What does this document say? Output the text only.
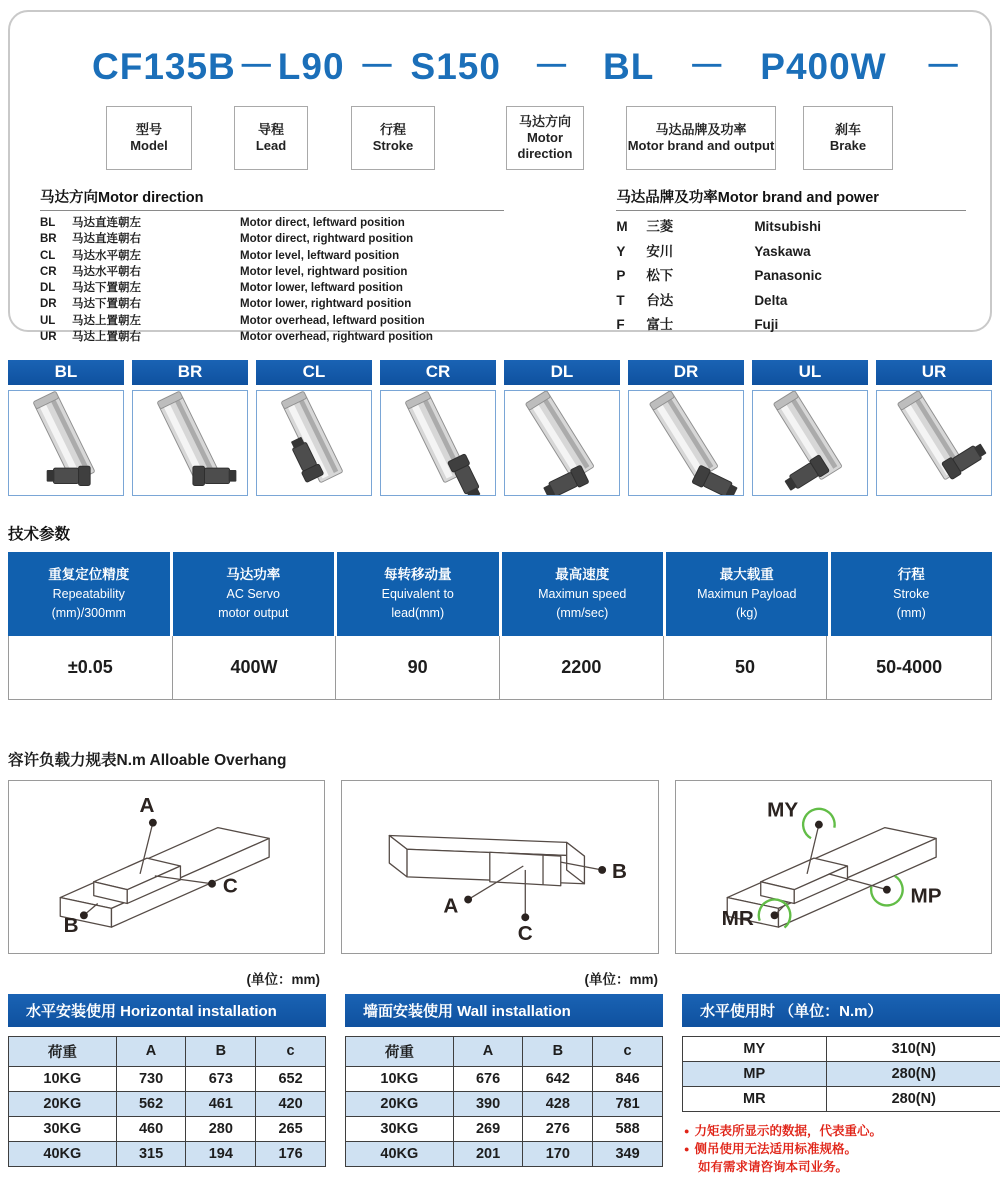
CF135B － L90 － S150 － BL － P400W －
型号
Model
导程
Lead
行程
Stroke
马达方向
Motor direction
马达品牌及功率
Motor brand and output
刹车
Brake
马达方向Motor direction
BL	马达直连朝左	Motor direct, leftward position
BR	马达直连朝右	Motor direct, rightward position
CL	马达水平朝左	Motor level, leftward position
CR	马达水平朝右	Motor level, rightward position
DL	马达下置朝左	Motor lower, leftward position
DR	马达下置朝右	Motor lower, rightward position
UL	马达上置朝左	Motor overhead, leftward position
UR	马达上置朝右	Motor overhead, rightward position
马达品牌及功率Motor brand and power
M	三菱	Mitsubishi
Y	安川	Yaskawa
P	松下	Panasonic
T	台达	Delta
F	富士	Fuji
BL	BR	CL	CR	DL	DR	UL	UR
技术参数
重复定位精度
Repeatability
(mm)/300mm
马达功率
AC Servo
motor output
每转移动量
Equivalent to
lead(mm)
最高速度
Maximun speed
(mm/sec)
最大载重
Maximun Payload
(kg)
行程
Stroke
(mm)
±0.05	400W	90	2200	50	50-4000
容许负载力规表N.m Alloable Overhang
A
C
B
B
A
C
MY
MP
MR
(单位：mm)	(单位：mm)
水平安装使用 Horizontal installation
荷重	A	B	c
10KG	730	673	652
20KG	562	461	420
30KG	460	280	265
40KG	315	194	176
墙面安装使用 Wall installation
荷重	A	B	c
10KG	676	642	846
20KG	390	428	781
30KG	269	276	588
40KG	201	170	349
水平使用时 （单位：N.m）
MY	310(N)
MP	280(N)
MR	280(N)
● 力矩表所显示的数据，代表重心。
● 侧吊使用无法适用标准规格。
如有需求请咨询本司业务。
